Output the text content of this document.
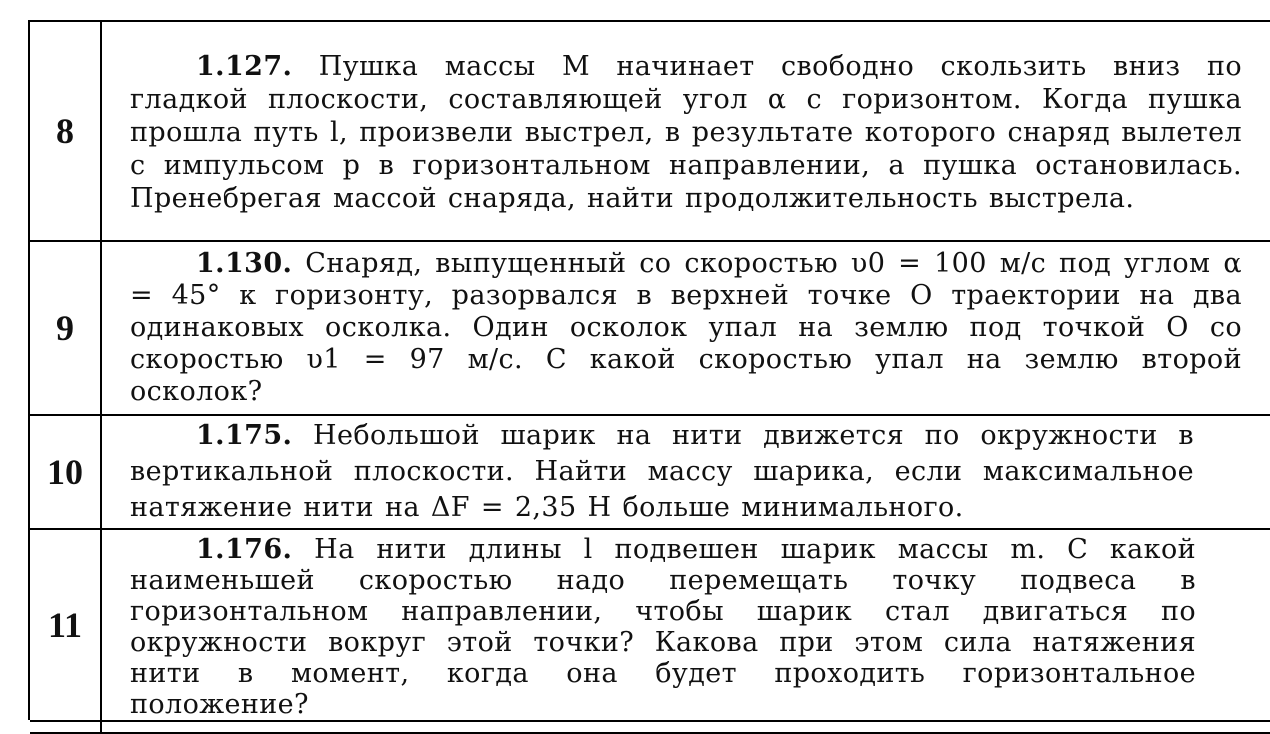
8	1.127. Пушка массы M начинает свободно скользить вниз по гладкой плоскости, составляющей угол α с горизонтом. Когда пушка прошла путь l, произвели выстрел, в результате которого снаряд вылетел с импульсом p в горизонтальном направлении, а пушка остановилась. Пренебрегая массой снаряда, найти продолжительность выстрела.

9	1.130. Снаряд, выпущенный со скоростью υ0 = 100 м/с под углом α = 45° к горизонту, разорвался в верхней точке O траектории на два одинаковых осколка. Один осколок упал на землю под точкой O со скоростью υ1 = 97 м/с. С какой скоростью упал на землю второй осколок?

10	1.175. Небольшой шарик на нити движется по окружности в вертикальной плоскости. Найти массу шарика, если максимальное натяжение нити на ΔF = 2,35 Н больше минимального.

11	1.176. На нити длины l подвешен шарик массы m. С какой наименьшей скоростью надо перемещать точку подвеса в горизонтальном направлении, чтобы шарик стал двигаться по окружности вокруг этой точки? Какова при этом сила натяжения нити в момент, когда она будет проходить горизонтальное положение?
